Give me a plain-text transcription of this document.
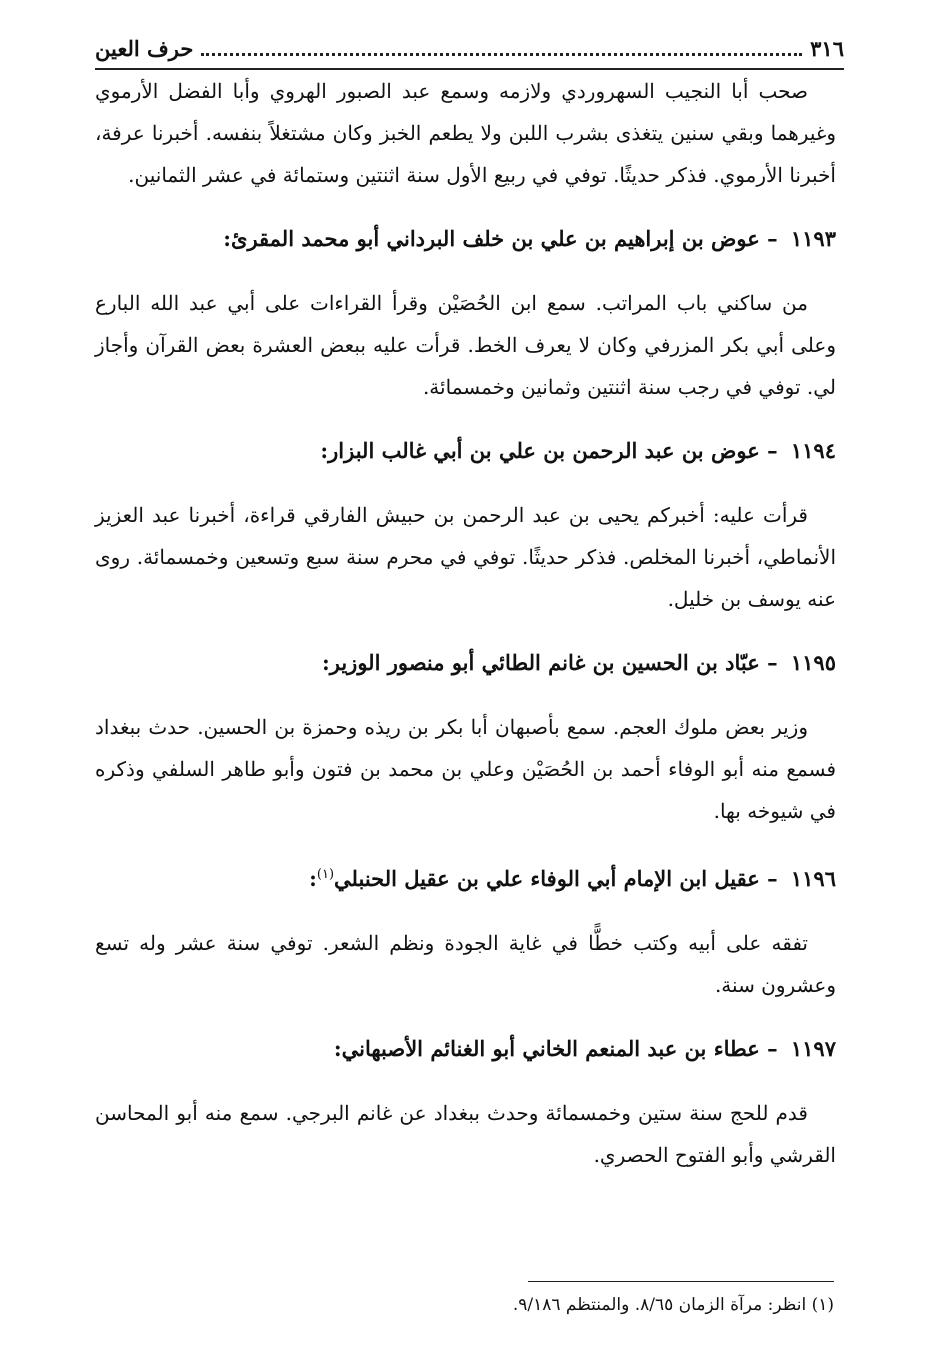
٣١٦
حرف العين

صحب أبا النجيب السهروردي ولازمه وسمع عبد الصبور الهروي وأبا الفضل الأرموي وغيرهما وبقي سنين يتغذى بشرب اللبن ولا يطعم الخبز وكان مشتغلاً بنفسه. أخبرنا عرفة، أخبرنا الأرموي. فذكر حديثًا. توفي في ربيع الأول سنة اثنتين وستمائة في عشر الثمانين.

١١٩٣ – عوض بن إبراهيم بن علي بن خلف البرداني أبو محمد المقرئ:

من ساكني باب المراتب. سمع ابن الحُصَيْن وقرأ القراءات على أبي عبد الله البارع وعلى أبي بكر المزرفي وكان لا يعرف الخط. قرأت عليه ببعض العشرة بعض القرآن وأجاز لي. توفي في رجب سنة اثنتين وثمانين وخمسمائة.

١١٩٤ – عوض بن عبد الرحمن بن علي بن أبي غالب البزار:

قرأت عليه: أخبركم يحيى بن عبد الرحمن بن حبيش الفارقي قراءة، أخبرنا عبد العزيز الأنماطي، أخبرنا المخلص. فذكر حديثًا. توفي في محرم سنة سبع وتسعين وخمسمائة. روى عنه يوسف بن خليل.

١١٩٥ – عبّاد بن الحسين بن غانم الطائي أبو منصور الوزير:

وزير بعض ملوك العجم. سمع بأصبهان أبا بكر بن ريذه وحمزة بن الحسين. حدث ببغداد فسمع منه أبو الوفاء أحمد بن الحُصَيْن وعلي بن محمد بن فتون وأبو طاهر السلفي وذكره في شيوخه بها.

١١٩٦ – عقيل ابن الإمام أبي الوفاء علي بن عقيل الحنبلي$^{(١)}$:

تفقه على أبيه وكتب خطًّا في غاية الجودة ونظم الشعر. توفي سنة عشر وله تسع وعشرون سنة.

١١٩٧ – عطاء بن عبد المنعم الخاني أبو الغنائم الأصبهاني:

قدم للحج سنة ستين وخمسمائة وحدث ببغداد عن غانم البرجي. سمع منه أبو المحاسن القرشي وأبو الفتوح الحصري.

(١) انظر: مرآة الزمان ٨/٦٥. والمنتظم ٩/١٨٦.
